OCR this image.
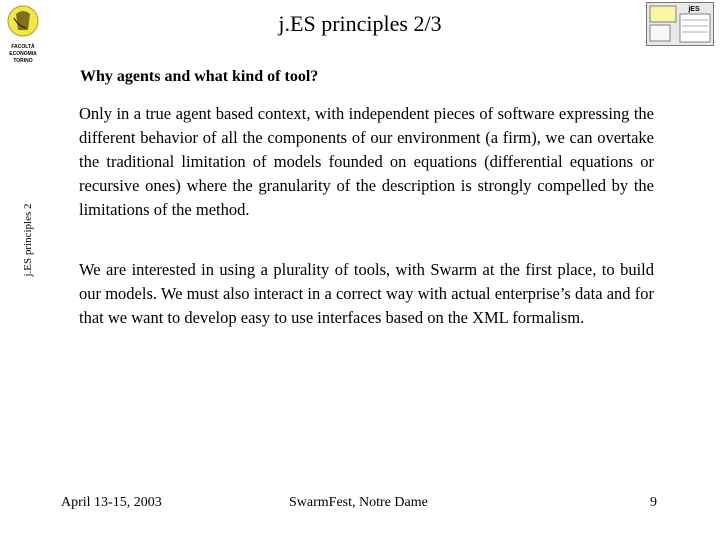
FACOLTÀ
ECONOMIA
TORINO
jES
j.ES principles 2/3
j.ES principles 2
Why agents and what kind of tool?
Only in a true agent based context, with independent pieces of software expressing the different behavior of all the components of our environment (a firm), we can overtake the traditional limitation of models founded on equations (differential equations or recursive ones) where the granularity of the description is strongly compelled by the limitations of the method.
We are interested in using a plurality of tools, with Swarm at the first place, to build our models. We must also interact in a correct way with actual enterprise’s data and for that we want to develop easy to use interfaces based on the XML formalism.
April 13-15, 2003	SwarmFest, Notre Dame	9
